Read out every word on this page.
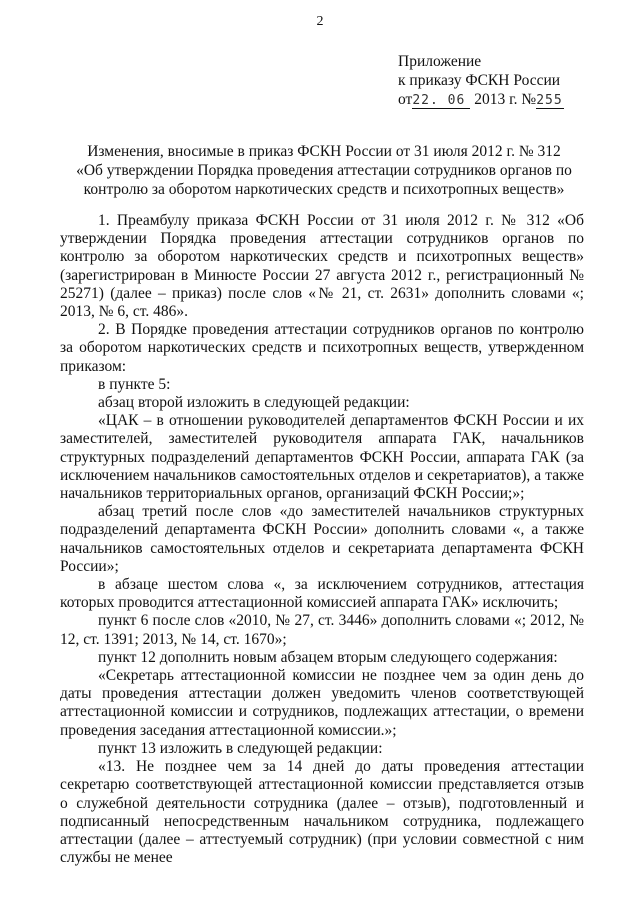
2
Приложение
к приказу ФСКН России
от22. 06 2013 г. №255
Изменения, вносимые в приказ ФСКН России от 31 июля 2012 г. № 312
«Об утверждении Порядка проведения аттестации сотрудников органов по
контролю за оборотом наркотических средств и психотропных веществ»

1. Преамбулу приказа ФСКН России от 31 июля 2012 г. № 312 «Об утверждении Порядка проведения аттестации сотрудников органов по контролю за оборотом наркотических средств и психотропных веществ» (зарегистрирован в Минюсте России 27 августа 2012 г., регистрационный № 25271) (далее – приказ) после слов «№ 21, ст. 2631» дополнить словами «; 2013, № 6, ст. 486».

2. В Порядке проведения аттестации сотрудников органов по контролю за оборотом наркотических средств и психотропных веществ, утвержденном приказом:

в пункте 5:

абзац второй изложить в следующей редакции:

«ЦАК – в отношении руководителей департаментов ФСКН России и их заместителей, заместителей руководителя аппарата ГАК, начальников структурных подразделений департаментов ФСКН России, аппарата ГАК (за исключением начальников самостоятельных отделов и секретариатов), а также начальников территориальных органов, организаций ФСКН России;»;

абзац третий после слов «до заместителей начальников структурных подразделений департамента ФСКН России» дополнить словами «, а также начальников самостоятельных отделов и секретариата департамента ФСКН России»;

в абзаце шестом слова «, за исключением сотрудников, аттестация которых проводится аттестационной комиссией аппарата ГАК» исключить;

пункт 6 после слов «2010, № 27, ст. 3446» дополнить словами «; 2012, № 12, ст. 1391; 2013, № 14, ст. 1670»;

пункт 12 дополнить новым абзацем вторым следующего содержания:

«Секретарь аттестационной комиссии не позднее чем за один день до даты проведения аттестации должен уведомить членов соответствующей аттестационной комиссии и сотрудников, подлежащих аттестации, о времени проведения заседания аттестационной комиссии.»;

пункт 13 изложить в следующей редакции:

«13. Не позднее чем за 14 дней до даты проведения аттестации секретарю соответствующей аттестационной комиссии представляется отзыв о служебной деятельности сотрудника (далее – отзыв), подготовленный и подписанный непосредственным начальником сотрудника, подлежащего аттестации (далее – аттестуемый сотрудник) (при условии совместной с ним службы не менее
